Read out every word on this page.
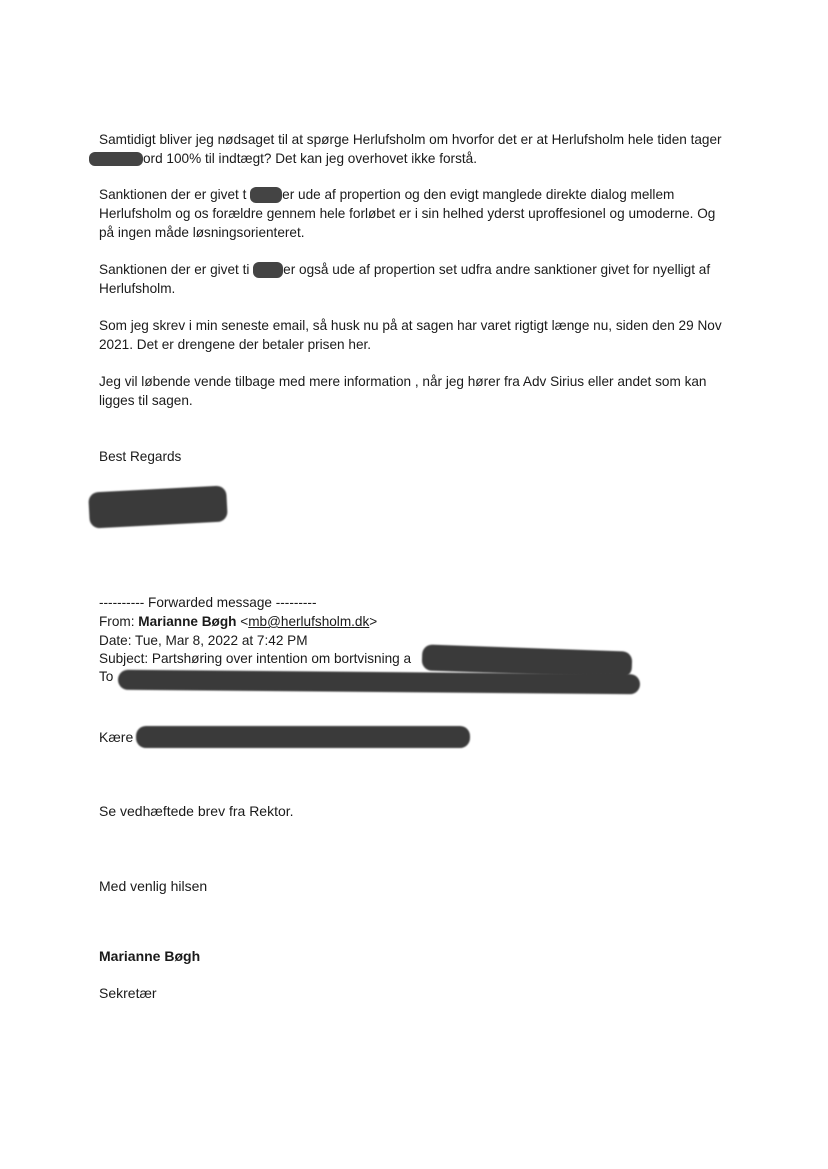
Samtidigt bliver jeg nødsaget til at spørge Herlufsholm om hvorfor det er at Herlufsholm hele tiden tager
ord 100% til indtægt? Det kan jeg overhovet ikke forstå.
Sanktionen der er givet t	er ude af propertion og den evigt manglede direkte dialog mellem
Herlufsholm og os forældre gennem hele forløbet er i sin helhed yderst uproffesionel og umoderne. Og
på ingen måde løsningsorienteret.
Sanktionen der er givet ti er også ude af propertion set udfra andre sanktioner givet for nyelligt af
Herlufsholm.
Som jeg skrev i min seneste email, så husk nu på at sagen har varet rigtigt længe nu, siden den 29 Nov
2021. Det er drengene der betaler prisen her.
Jeg vil løbende vende tilbage med mere information , når jeg hører fra Adv Sirius eller andet som kan
ligges til sagen.
Best Regards
---------- Forwarded message ---------
From: Marianne Bøgh <mb@herlufsholm.dk>
Date: Tue, Mar 8, 2022 at 7:42 PM
Subject: Partshøring over intention om bortvisning a
To
Kære
Se vedhæftede brev fra Rektor.
Med venlig hilsen
Marianne Bøgh
Sekretær
